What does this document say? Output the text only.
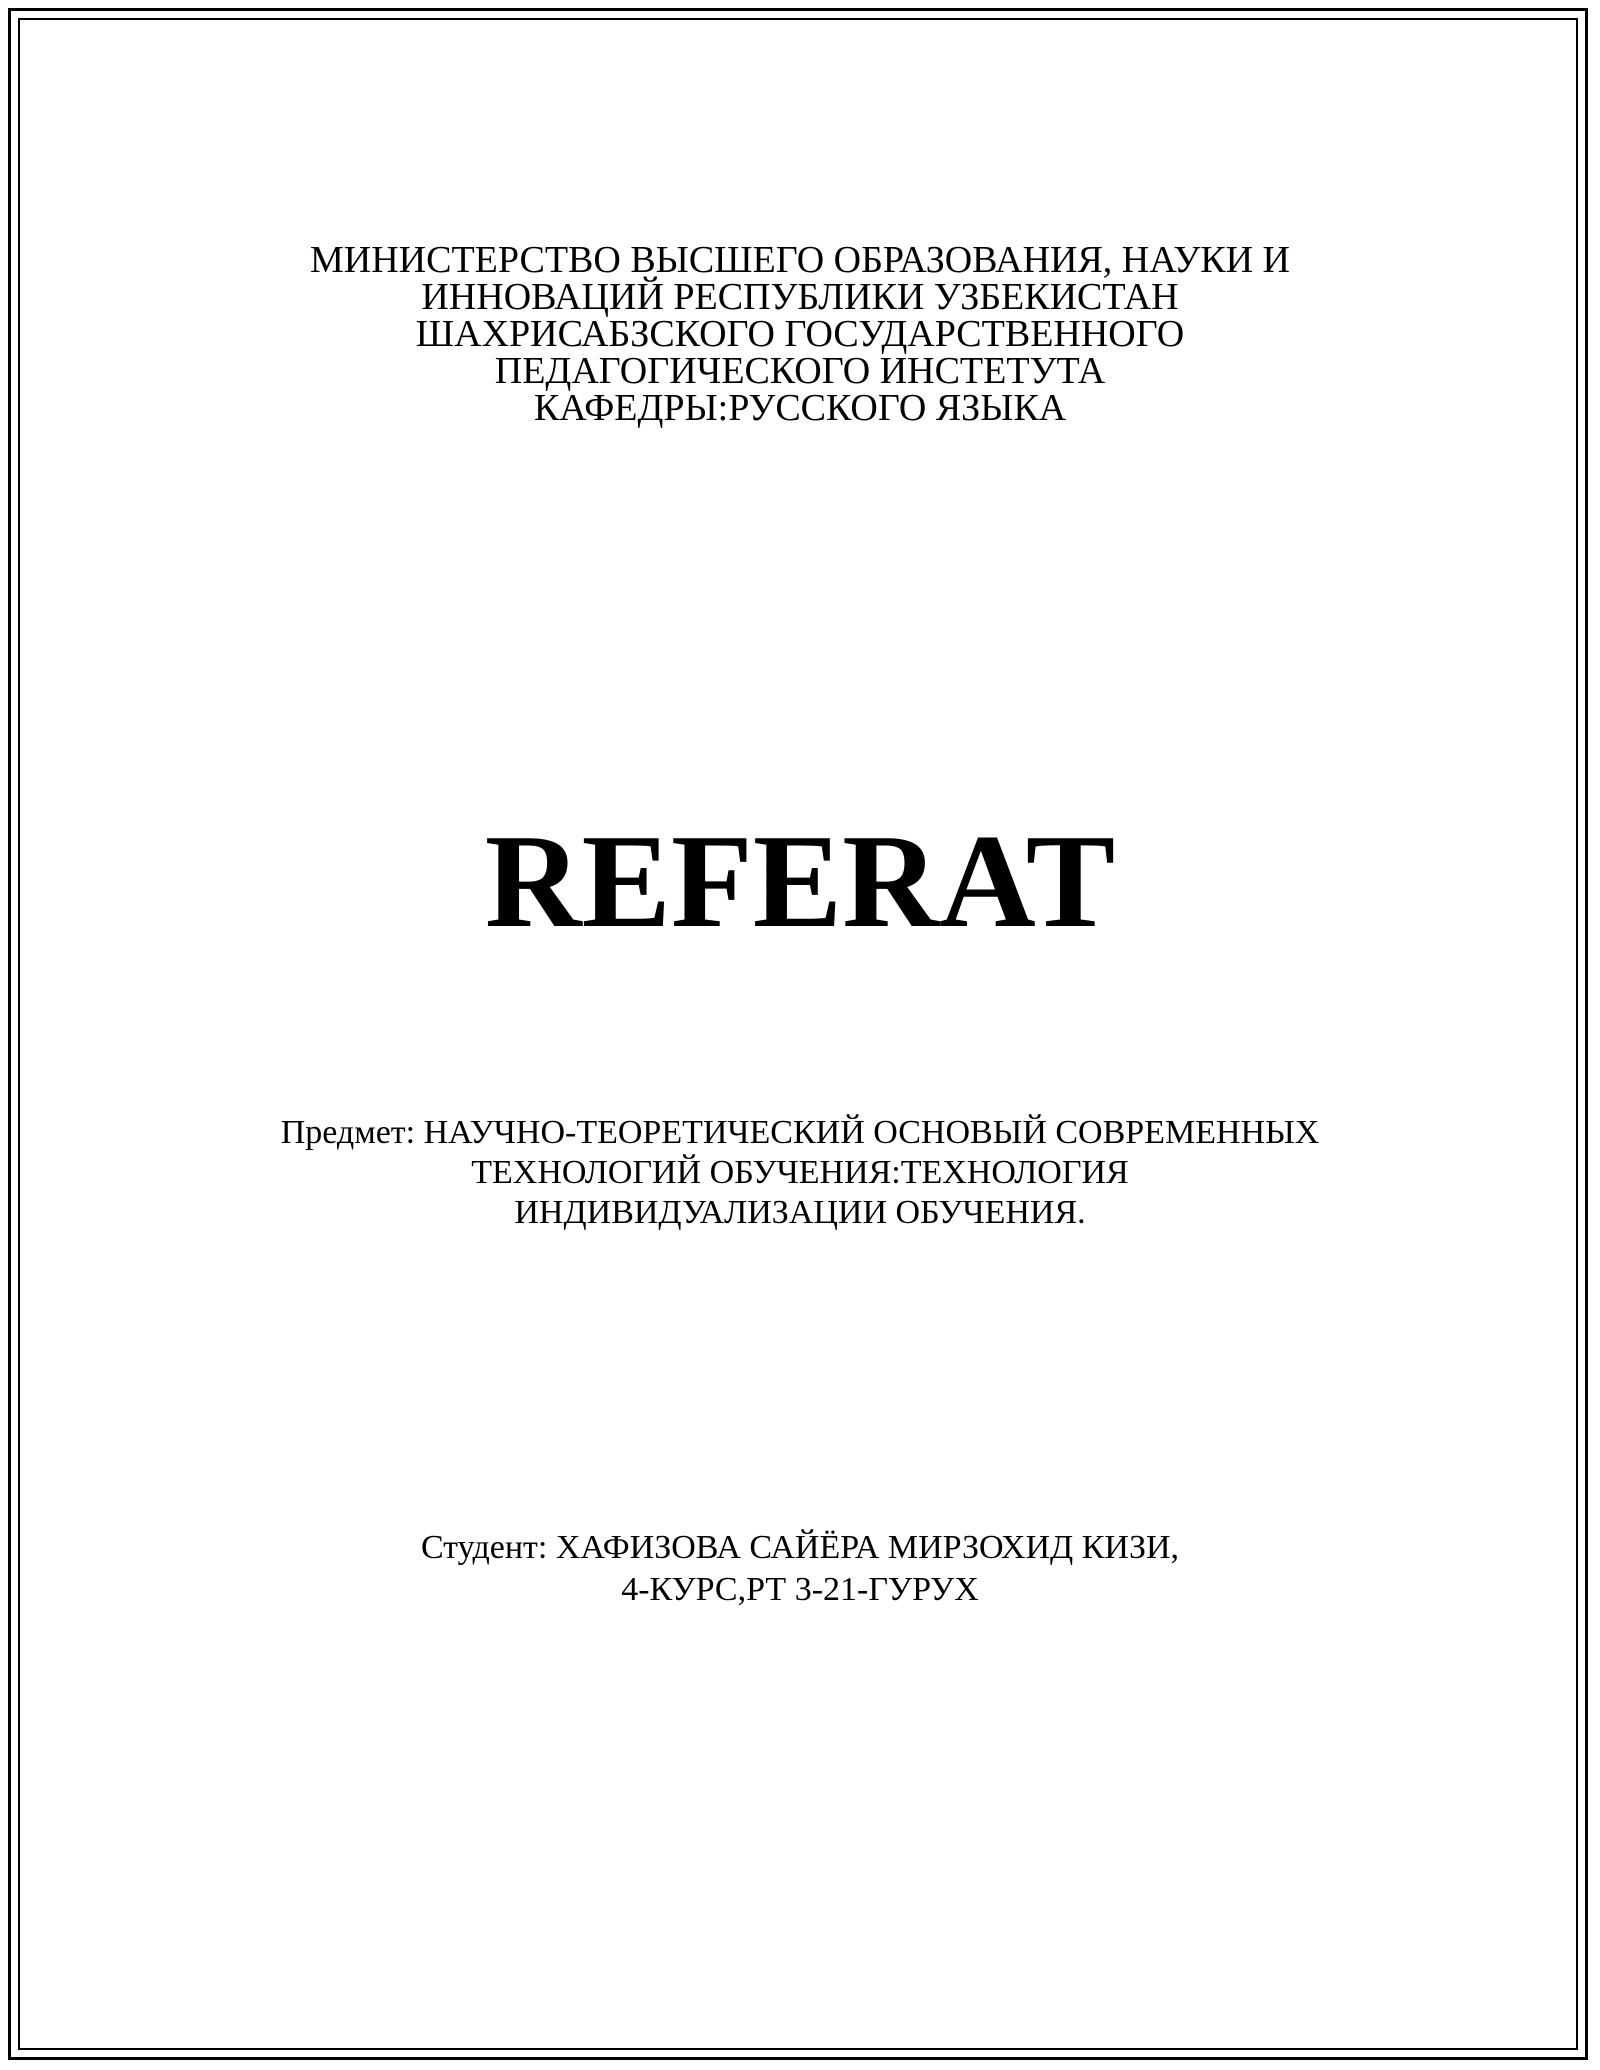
МИНИСТЕРСТВО ВЫСШЕГО ОБРАЗОВАНИЯ, НАУКИ И
ИННОВАЦИЙ РЕСПУБЛИКИ УЗБЕКИСТАН
ШАХРИСАБЗСКОГО ГОСУДАРСТВЕННОГО
ПЕДАГОГИЧЕСКОГО ИНСТЕТУТА
КАФЕДРЫ:РУССКОГО ЯЗЫКА
REFERAT
Предмет: НАУЧНО-ТЕОРЕТИЧЕСКИЙ ОСНОВЫЙ СОВРЕМЕННЫХ
ТЕХНОЛОГИЙ ОБУЧЕНИЯ:ТЕХНОЛОГИЯ
ИНДИВИДУАЛИЗАЦИИ ОБУЧЕНИЯ.
Студент: ХАФИЗОВА САЙЁРА МИРЗОХИД КИЗИ,
4-КУРС,РТ 3-21-ГУРУХ
